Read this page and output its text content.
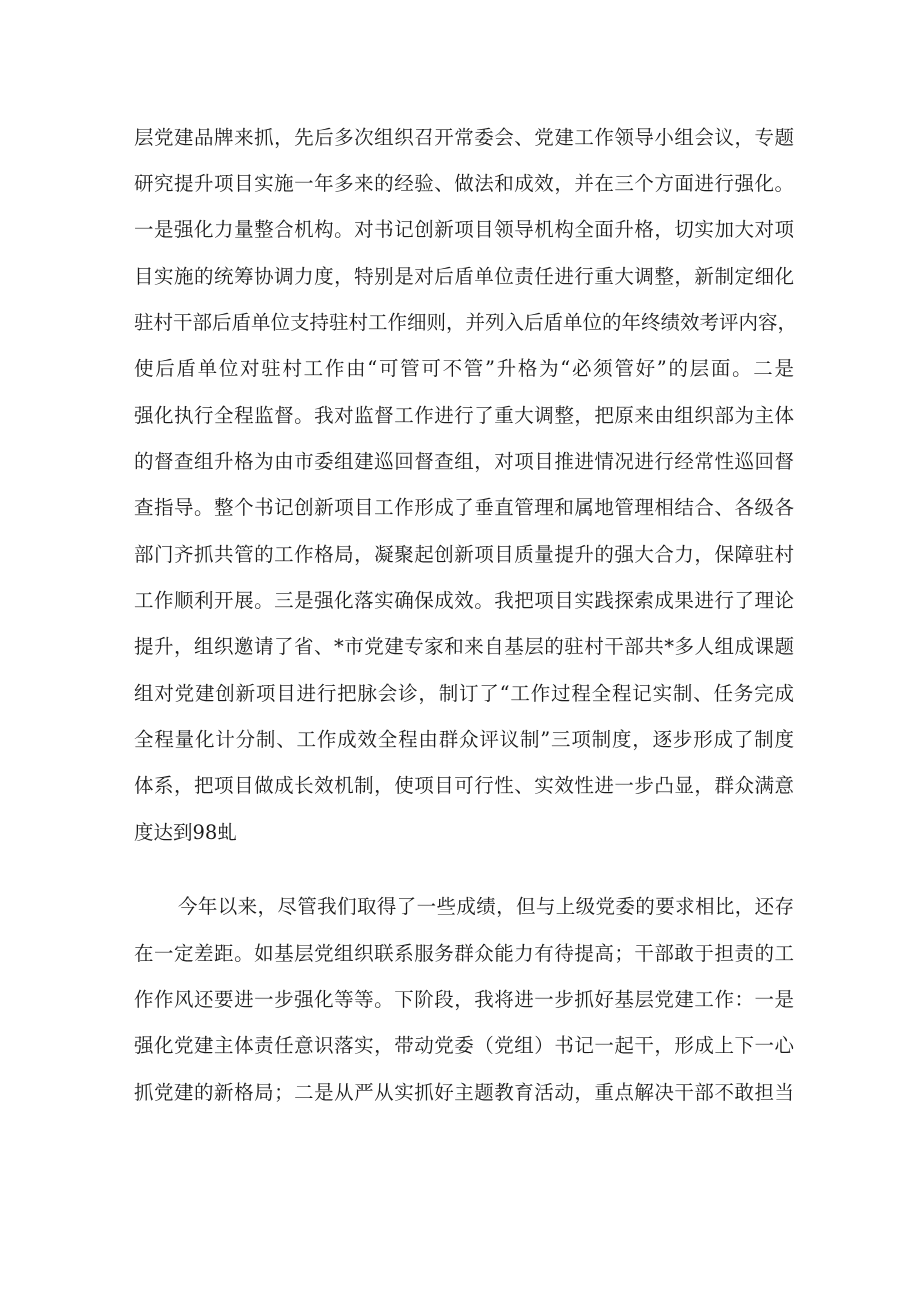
层党建品牌来抓，先后多次组织召开常委会、党建工作领导小组会议，专题
研究提升项目实施一年多来的经验、做法和成效，并在三个方面进行强化。
一是强化力量整合机构。对书记创新项目领导机构全面升格，切实加大对项
目实施的统筹协调力度，特别是对后盾单位责任进行重大调整，新制定细化
驻村干部后盾单位支持驻村工作细则，并列入后盾单位的年终绩效考评内容，
使后盾单位对驻村工作由“可管可不管”升格为“必须管好”的层面。二是
强化执行全程监督。我对监督工作进行了重大调整，把原来由组织部为主体
的督查组升格为由市委组建巡回督查组，对项目推进情况进行经常性巡回督
查指导。整个书记创新项目工作形成了垂直管理和属地管理相结合、各级各
部门齐抓共管的工作格局，凝聚起创新项目质量提升的强大合力，保障驻村
工作顺利开展。三是强化落实确保成效。我把项目实践探索成果进行了理论
提升，组织邀请了省、*市党建专家和来自基层的驻村干部共*多人组成课题
组对党建创新项目进行把脉会诊，制订了“工作过程全程记实制、任务完成
全程量化计分制、工作成效全程由群众评议制”三项制度，逐步形成了制度
体系，把项目做成长效机制，使项目可行性、实效性进一步凸显，群众满意
度达到98虬
今年以来，尽管我们取得了一些成绩，但与上级党委的要求相比，还存
在一定差距。如基层党组织联系服务群众能力有待提高；干部敢于担责的工
作作风还要进一步强化等等。下阶段，我将进一步抓好基层党建工作：一是
强化党建主体责任意识落实，带动党委（党组）书记一起干，形成上下一心
抓党建的新格局；二是从严从实抓好主题教育活动，重点解决干部不敢担当
